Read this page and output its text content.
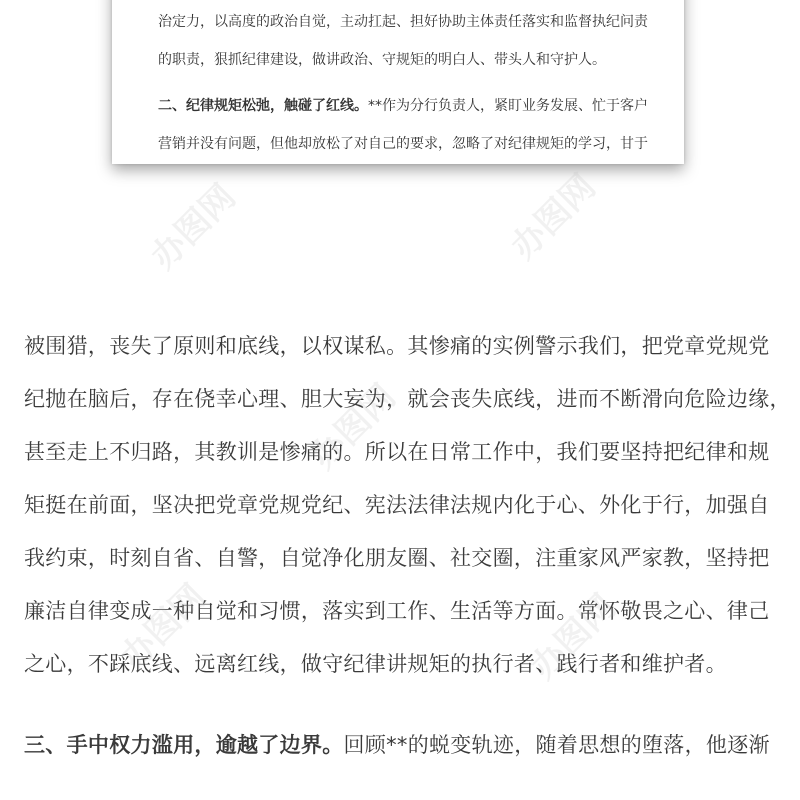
治定力，以高度的政治自觉，主动扛起、担好协助主体责任落实和监督执纪问责
的职责，狠抓纪律建设，做讲政治、守规矩的明白人、带头人和守护人。
二、纪律规矩松弛，触碰了红线。**作为分行负责人，紧盯业务发展、忙于客户
营销并没有问题，但他却放松了对自己的要求，忽略了对纪律规矩的学习，甘于
被围猎，丧失了原则和底线，以权谋私。其惨痛的实例警示我们，把党章党规党
纪抛在脑后，存在侥幸心理、胆大妄为，就会丧失底线，进而不断滑向危险边缘，
甚至走上不归路，其教训是惨痛的。所以在日常工作中，我们要坚持把纪律和规
矩挺在前面，坚决把党章党规党纪、宪法法律法规内化于心、外化于行，加强自
我约束，时刻自省、自警，自觉净化朋友圈、社交圈，注重家风严家教，坚持把
廉洁自律变成一种自觉和习惯，落实到工作、生活等方面。常怀敬畏之心、律己
之心，不踩底线、远离红线，做守纪律讲规矩的执行者、践行者和维护者。
三、手中权力滥用，逾越了边界。回顾**的蜕变轨迹，随着思想的堕落，他逐渐
办图网	办图网
办图网
办图网	办图网
